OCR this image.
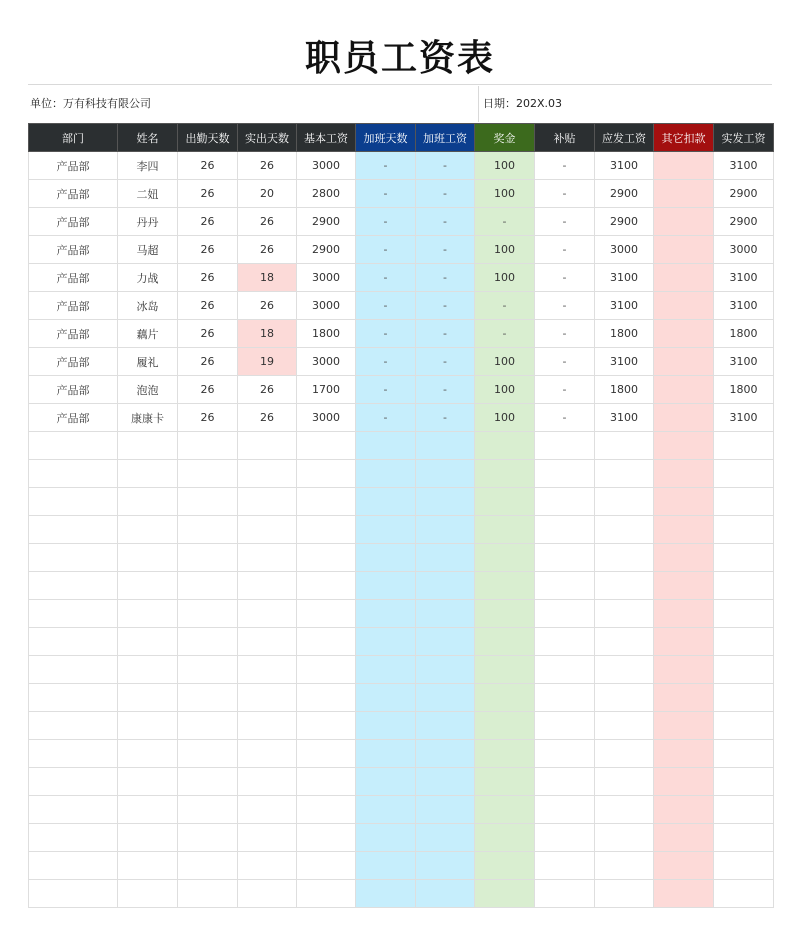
职员工资表
单位：万有科技有限公司	日期：202X.03
部门	姓名	出勤天数	实出天数	基本工资	加班天数	加班工资	奖金	补贴	应发工资	其它扣款	实发工资
产品部	李四	26	26	3000	-	-	100	-	3100		3100
产品部	二妞	26	20	2800	-	-	100	-	2900		2900
产品部	丹丹	26	26	2900	-	-	-	-	2900		2900
产品部	马超	26	26	2900	-	-	100	-	3000		3000
产品部	力战	26	18	3000	-	-	100	-	3100		3100
产品部	冰岛	26	26	3000	-	-	-	-	3100		3100
产品部	藕片	26	18	1800	-	-	-	-	1800		1800
产品部	履礼	26	19	3000	-	-	100	-	3100		3100
产品部	泡泡	26	26	1700	-	-	100	-	1800		1800
产品部	康康卡	26	26	3000	-	-	100	-	3100		3100
